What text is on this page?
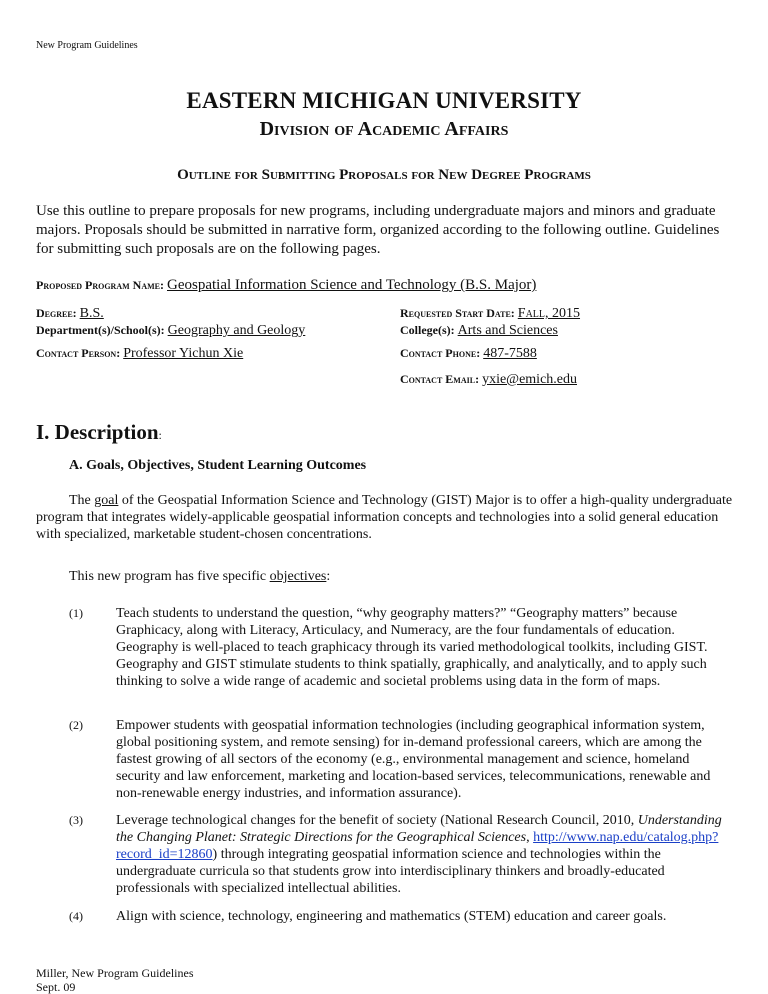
New Program Guidelines
EASTERN MICHIGAN UNIVERSITY
Division of Academic Affairs
Outline for Submitting Proposals for New Degree Programs
Use this outline to prepare proposals for new programs, including undergraduate majors and minors and graduate majors. Proposals should be submitted in narrative form, organized according to the following outline. Guidelines for submitting such proposals are on the following pages.
Proposed Program Name: Geospatial Information Science and Technology (B.S. Major)
Degree: B.S.	Requested Start Date: Fall, 2015
Department(s)/School(s): Geography and Geology	College(s): Arts and Sciences
Contact Person: Professor Yichun Xie	Contact Phone: 487-7588
Contact Email: yxie@emich.edu
I. Description:
A. Goals, Objectives, Student Learning Outcomes
The goal of the Geospatial Information Science and Technology (GIST) Major is to offer a high-quality undergraduate program that integrates widely-applicable geospatial information concepts and technologies into a solid general education with specialized, marketable student-chosen concentrations.
This new program has five specific objectives:
(1) Teach students to understand the question, “why geography matters?” “Geography matters” because Graphicacy, along with Literacy, Articulacy, and Numeracy, are the four fundamentals of education. Geography is well-placed to teach graphicacy through its varied methodological toolkits, including GIST. Geography and GIST stimulate students to think spatially, graphically, and analytically, and to apply such thinking to solve a wide range of academic and societal problems using data in the form of maps.
(2) Empower students with geospatial information technologies (including geographical information system, global positioning system, and remote sensing) for in-demand professional careers, which are among the fastest growing of all sectors of the economy (e.g., environmental management and science, homeland security and law enforcement, marketing and location-based services, telecommunications, renewable and non-renewable energy industries, and information assurance).
(3) Leverage technological changes for the benefit of society (National Research Council, 2010, Understanding the Changing Planet: Strategic Directions for the Geographical Sciences, http://www.nap.edu/catalog.php?record_id=12860) through integrating geospatial information science and technologies within the undergraduate curricula so that students grow into interdisciplinary thinkers and broadly-educated professionals with specialized intellectual abilities.
(4) Align with science, technology, engineering and mathematics (STEM) education and career goals.
Miller, New Program Guidelines
Sept. 09
